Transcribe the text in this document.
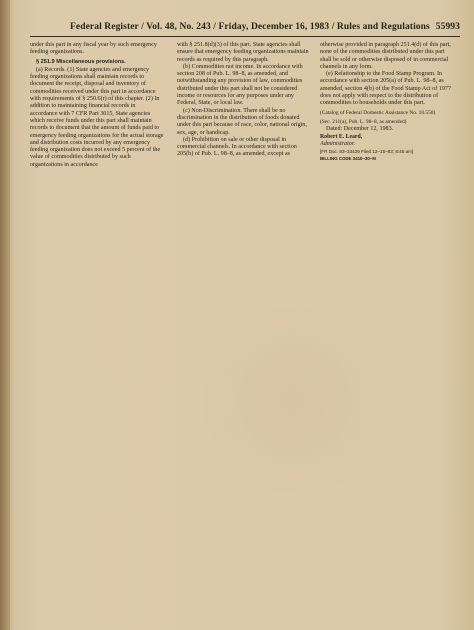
Federal Register / Vol. 48, No. 243 / Friday, December 16, 1983 / Rules and Regulations 55993

under this part in any fiscal year by such emergency feeding organizations.

§ 251.9 Miscellaneous provisions.

(a) Records. (1) State agencies and emergency feeding organizations shall maintain records to document the receipt, disposal and inventory of commodities received under this part in accordance with requirements of § 250.6(r) of this chapter. (2) In addition to maintaining financial records in accordance with 7 CFR Part 3015, State agencies which receive funds under this part shall maintain records to document that the amount of funds paid to emergency feeding organizations for the actual storage and distribution costs incurred by any emergency feeding organization does not exceed 5 percent of the value of commodities distributed by such organizations in accordance

with § 251.8(d)(3) of this part. State agencies shall ensure that emergency feeding organizations maintain records as required by this paragraph.

(b) Commodities not income. In accordance with section 208 of Pub. L. 98–8, as amended, and notwithstanding any provision of law, commodities distributed under this part shall not be considered income or resources for any purposes under any Federal, State, or local law.

(c) Non-Discrimination. There shall be no discrimination in the distribution of foods donated under this part because of race, color, national origin, sex, age, or handicap.

(d) Prohibition on sale or other disposal in commercial channels. In accordance with section 205(b) of Pub. L. 98–8, as amended, except as

otherwise provided in paragraph 251.4(d) of this part, none of the commodities distributed under this part shall be sold or otherwise disposed of in commercial channels in any form.

(e) Relationship to the Food Stamp Program. In accordance with section 205(a) of Pub. L. 98–8, as amended, section 4(b) of the Food Stamp Act of 1977 does not apply with respect to the distribution of commodities to households under this part.

(Catalog of Federal Domestic Assistance No. 10.550)

(Sec. 211(a), Pub. L. 98–8, as amended)

Dated: December 12, 1983.

Robert E. Leard,

Administrator.

[FR Doc. 83–33429 Filed 12–15–83; 8:45 am]

BILLING CODE 3410–30–M
